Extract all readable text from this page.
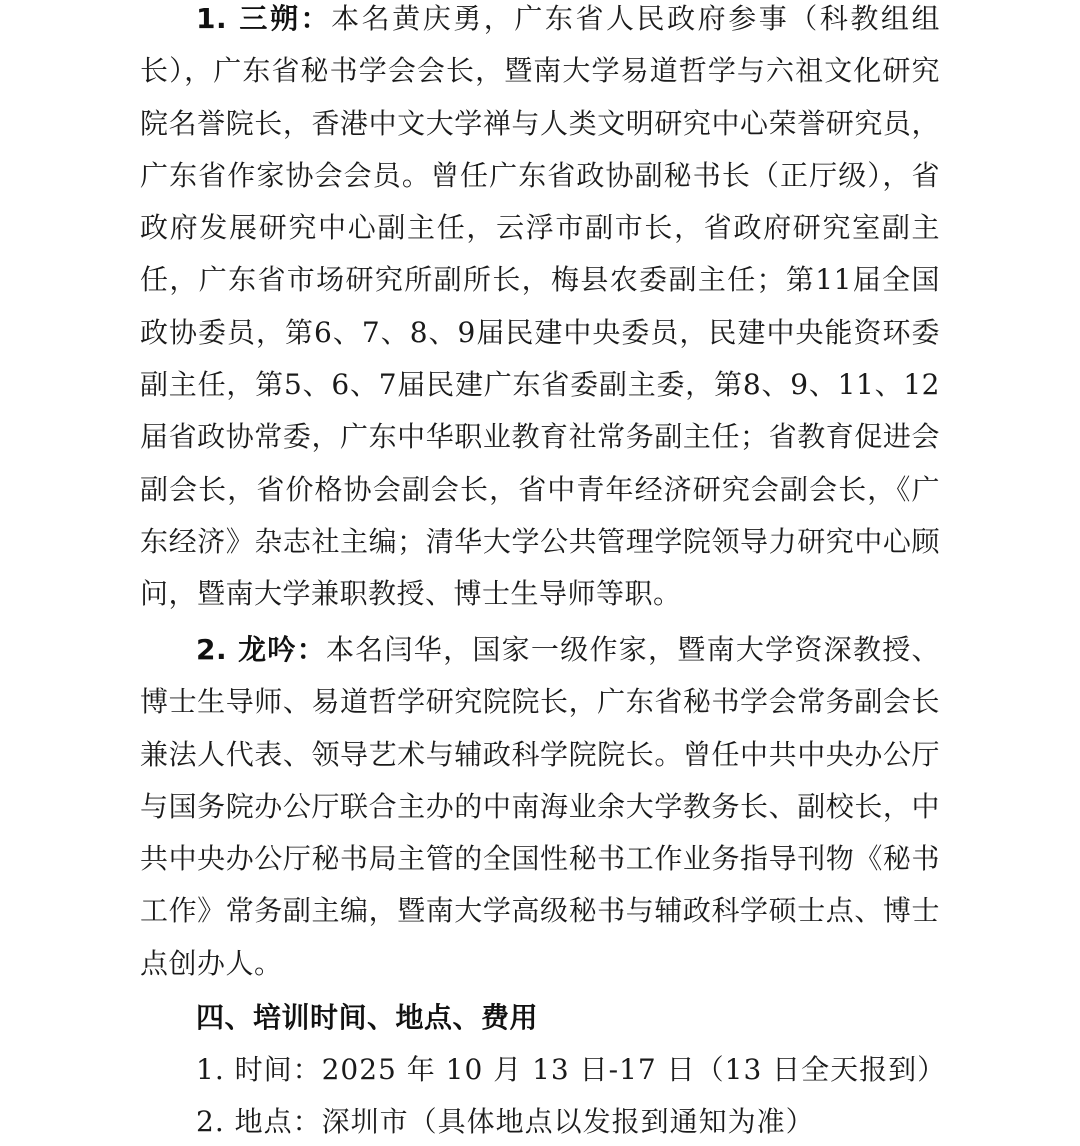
1. 三朔：本名黄庆勇，广东省人民政府参事（科教组组长），广东省秘书学会会长，暨南大学易道哲学与六祖文化研究院名誉院长，香港中文大学禅与人类文明研究中心荣誉研究员，广东省作家协会会员。曾任广东省政协副秘书长（正厅级），省政府发展研究中心副主任，云浮市副市长，省政府研究室副主任，广东省市场研究所副所长，梅县农委副主任；第11届全国政协委员，第6、7、8、9届民建中央委员，民建中央能资环委副主任，第5、6、7届民建广东省委副主委，第8、9、11、12届省政协常委，广东中华职业教育社常务副主任；省教育促进会副会长，省价格协会副会长，省中青年经济研究会副会长，《广东经济》杂志社主编；清华大学公共管理学院领导力研究中心顾问，暨南大学兼职教授、博士生导师等职。

2. 龙吟：本名闫华，国家一级作家，暨南大学资深教授、博士生导师、易道哲学研究院院长，广东省秘书学会常务副会长兼法人代表、领导艺术与辅政科学院院长。曾任中共中央办公厅与国务院办公厅联合主办的中南海业余大学教务长、副校长，中共中央办公厅秘书局主管的全国性秘书工作业务指导刊物《秘书工作》常务副主编，暨南大学高级秘书与辅政科学硕士点、博士点创办人。

四、培训时间、地点、费用

1. 时间：2025 年 10 月 13 日-17 日（13 日全天报到）

2. 地点：深圳市（具体地点以发报到通知为准）
